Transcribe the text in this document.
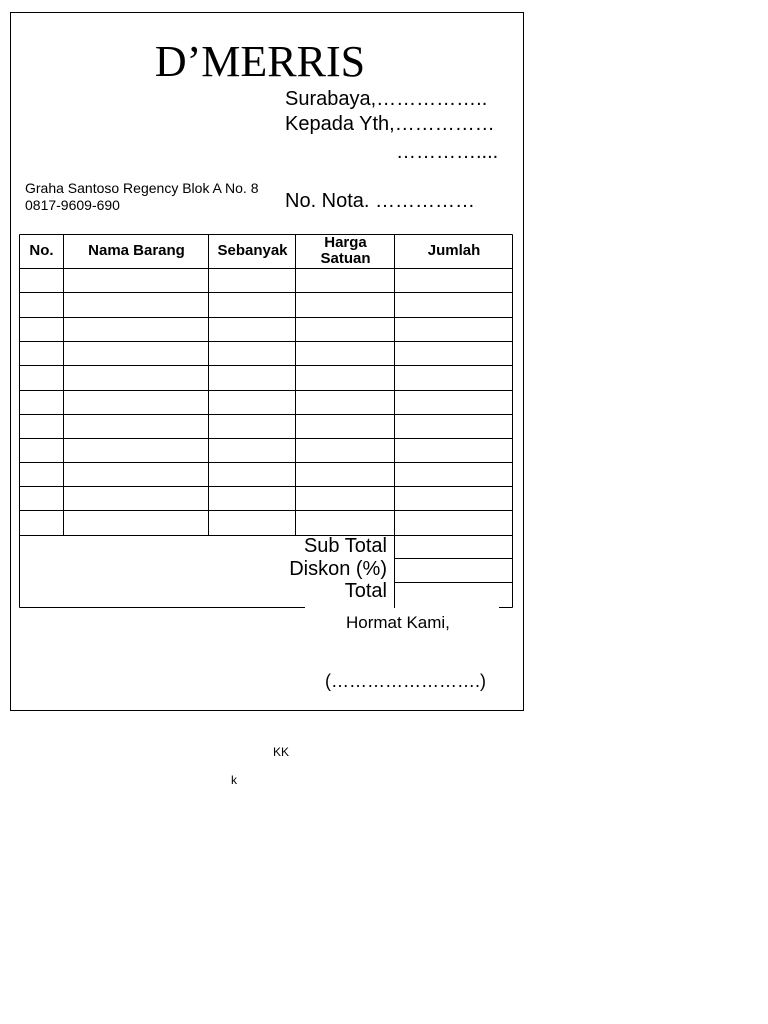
D’MERRIS
Surabaya,……………..
Kepada Yth,……………
…………....
Graha Santoso Regency Blok A No. 8
0817-9609-690	No. Nota. ……………
No.	Nama Barang	Sebanyak	Harga Satuan	Jumlah
Sub Total
Diskon (%)
Total
Hormat Kami,
(…………………….)
KK
k
